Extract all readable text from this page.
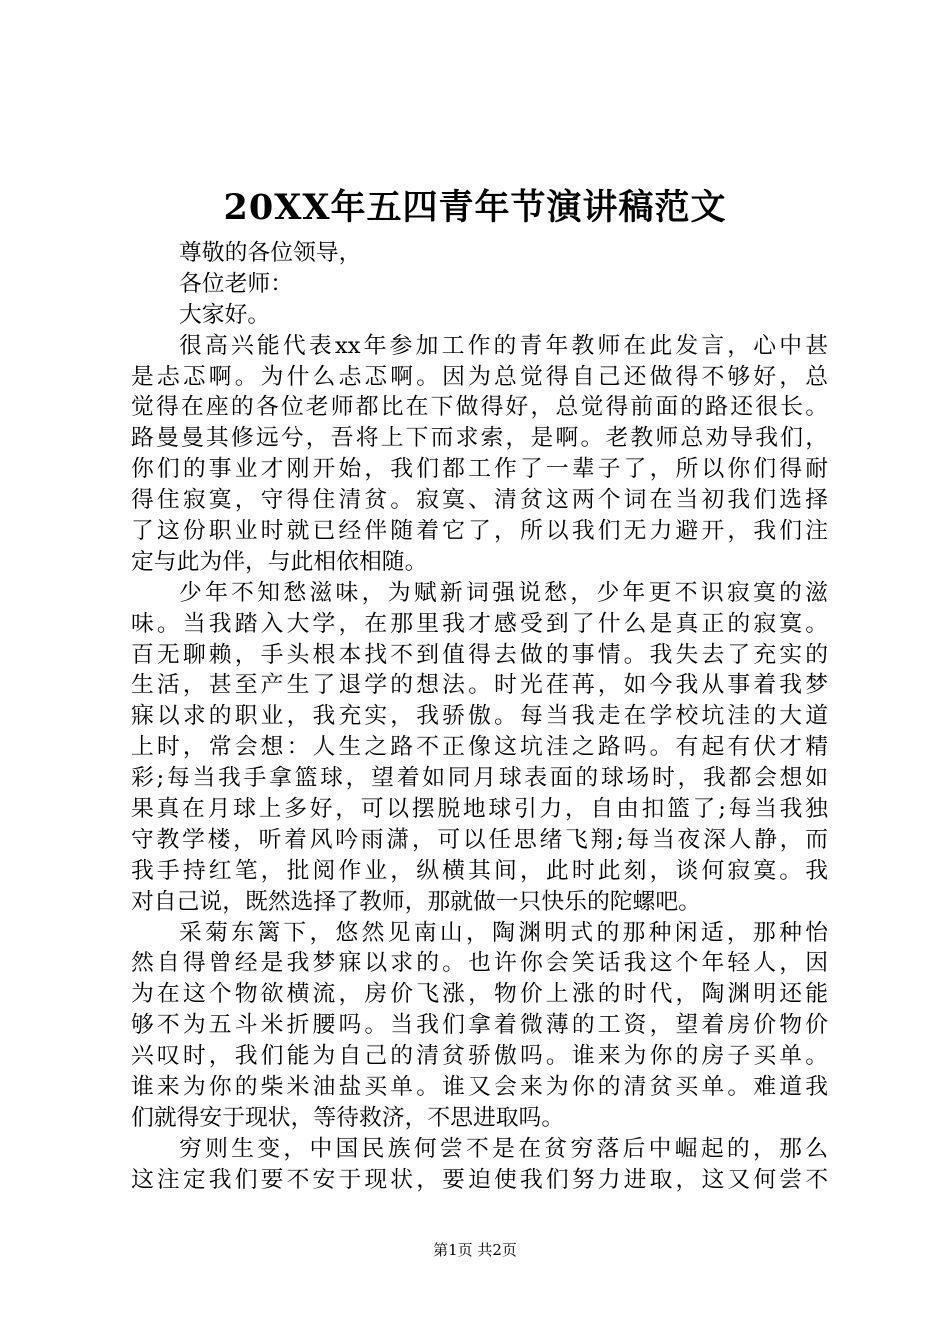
20XX年五四青年节演讲稿范文
尊敬的各位领导，
各位老师：
大家好。
很高兴能代表xx年参加工作的青年教师在此发言，心中甚
是忐忑啊。为什么忐忑啊。因为总觉得自己还做得不够好，总
觉得在座的各位老师都比在下做得好，总觉得前面的路还很长。
路曼曼其修远兮，吾将上下而求索，是啊。老教师总劝导我们，
你们的事业才刚开始，我们都工作了一辈子了，所以你们得耐
得住寂寞，守得住清贫。寂寞、清贫这两个词在当初我们选择
了这份职业时就已经伴随着它了，所以我们无力避开，我们注
定与此为伴，与此相依相随。
少年不知愁滋味，为赋新词强说愁，少年更不识寂寞的滋
味。当我踏入大学，在那里我才感受到了什么是真正的寂寞。
百无聊赖，手头根本找不到值得去做的事情。我失去了充实的
生活，甚至产生了退学的想法。时光荏苒，如今我从事着我梦
寐以求的职业，我充实，我骄傲。每当我走在学校坑洼的大道
上时，常会想：人生之路不正像这坑洼之路吗。有起有伏才精
彩;每当我手拿篮球，望着如同月球表面的球场时，我都会想如
果真在月球上多好，可以摆脱地球引力，自由扣篮了;每当我独
守教学楼，听着风吟雨潇，可以任思绪飞翔;每当夜深人静，而
我手持红笔，批阅作业，纵横其间，此时此刻，谈何寂寞。我
对自己说，既然选择了教师，那就做一只快乐的陀螺吧。
采菊东篱下，悠然见南山，陶渊明式的那种闲适，那种怡
然自得曾经是我梦寐以求的。也许你会笑话我这个年轻人，因
为在这个物欲横流，房价飞涨，物价上涨的时代，陶渊明还能
够不为五斗米折腰吗。当我们拿着微薄的工资，望着房价物价
兴叹时，我们能为自己的清贫骄傲吗。谁来为你的房子买单。
谁来为你的柴米油盐买单。谁又会来为你的清贫买单。难道我
们就得安于现状，等待救济，不思进取吗。
穷则生变，中国民族何尝不是在贫穷落后中崛起的，那么
这注定我们要不安于现状，要迫使我们努力进取，这又何尝不
第1页 共2页
